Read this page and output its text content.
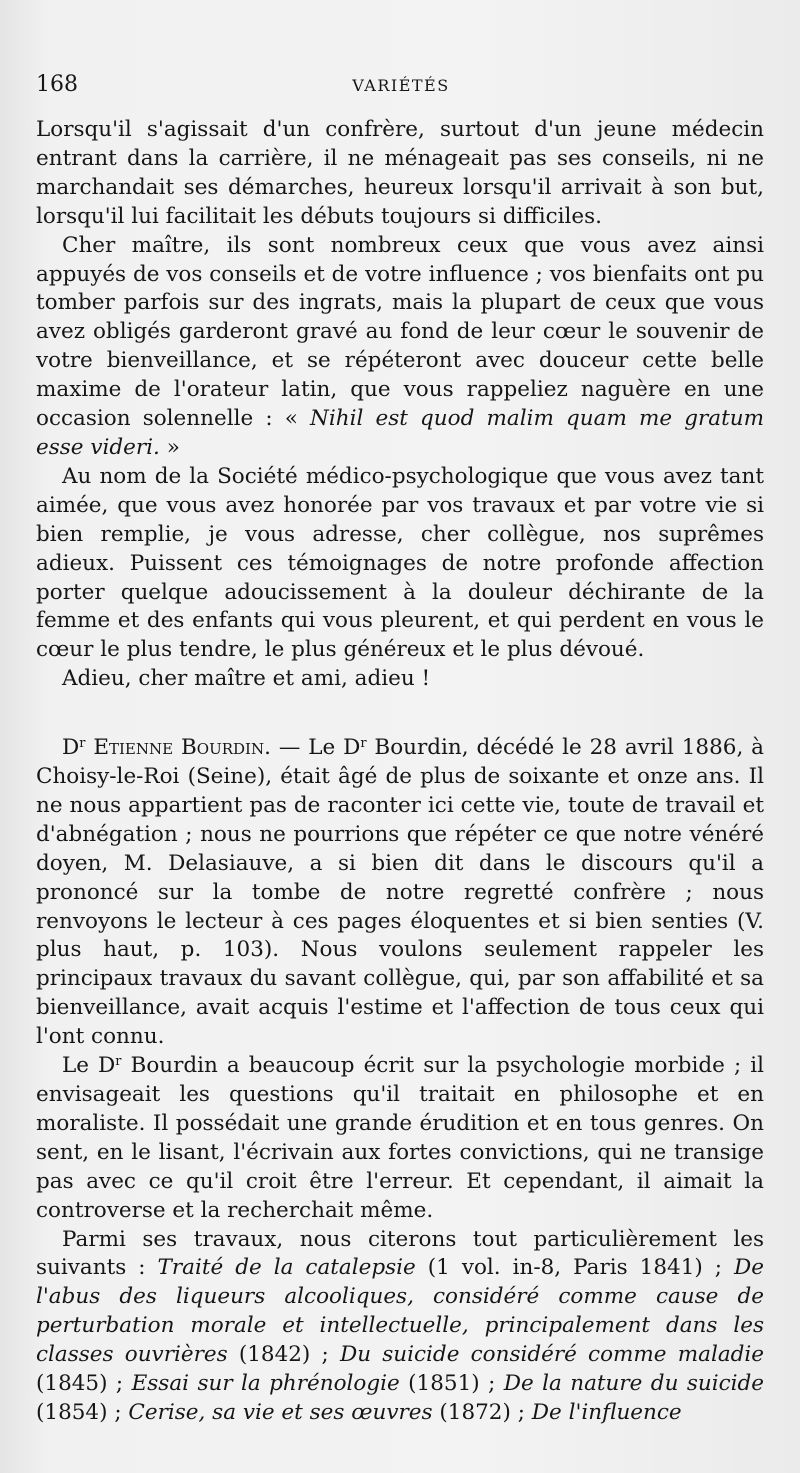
168	VARIÉTÉS

Lorsqu'il s'agissait d'un confrère, surtout d'un jeune médecin entrant dans la carrière, il ne ménageait pas ses conseils, ni ne marchandait ses démarches, heureux lorsqu'il arrivait à son but, lorsqu'il lui facilitait les débuts toujours si difficiles.

Cher maître, ils sont nombreux ceux que vous avez ainsi appuyés de vos conseils et de votre influence ; vos bienfaits ont pu tomber parfois sur des ingrats, mais la plupart de ceux que vous avez obligés garderont gravé au fond de leur cœur le souvenir de votre bienveillance, et se répéteront avec douceur cette belle maxime de l'orateur latin, que vous rappeliez naguère en une occasion solennelle : « Nihil est quod malim quam me gratum esse videri. »

Au nom de la Société médico-psychologique que vous avez tant aimée, que vous avez honorée par vos travaux et par votre vie si bien remplie, je vous adresse, cher collègue, nos suprêmes adieux. Puissent ces témoignages de notre profonde affection porter quelque adoucissement à la douleur déchirante de la femme et des enfants qui vous pleurent, et qui perdent en vous le cœur le plus tendre, le plus généreux et le plus dévoué.

Adieu, cher maître et ami, adieu !

$D^r$ Etienne Bourdin. — Le $D^r$ Bourdin, décédé le 28 avril 1886, à Choisy-le-Roi (Seine), était âgé de plus de soixante et onze ans. Il ne nous appartient pas de raconter ici cette vie, toute de travail et d'abnégation ; nous ne pourrions que répéter ce que notre vénéré doyen, M. Delasiauve, a si bien dit dans le discours qu'il a prononcé sur la tombe de notre regretté confrère ; nous renvoyons le lecteur à ces pages éloquentes et si bien senties (V. plus haut, p. 103). Nous voulons seulement rappeler les principaux travaux du savant collègue, qui, par son affabilité et sa bienveillance, avait acquis l'estime et l'affection de tous ceux qui l'ont connu.

Le $D^r$ Bourdin a beaucoup écrit sur la psychologie morbide ; il envisageait les questions qu'il traitait en philosophe et en moraliste. Il possédait une grande érudition et en tous genres. On sent, en le lisant, l'écrivain aux fortes convictions, qui ne transige pas avec ce qu'il croit être l'erreur. Et cependant, il aimait la controverse et la recherchait même.

Parmi ses travaux, nous citerons tout particulièrement les suivants : Traité de la catalepsie (1 vol. in-8, Paris 1841) ; De l'abus des liqueurs alcooliques, considéré comme cause de perturbation morale et intellectuelle, principalement dans les classes ouvrières (1842) ; Du suicide considéré comme maladie (1845) ; Essai sur la phrénologie (1851) ; De la nature du suicide (1854) ; Cerise, sa vie et ses œuvres (1872) ; De l'influence
